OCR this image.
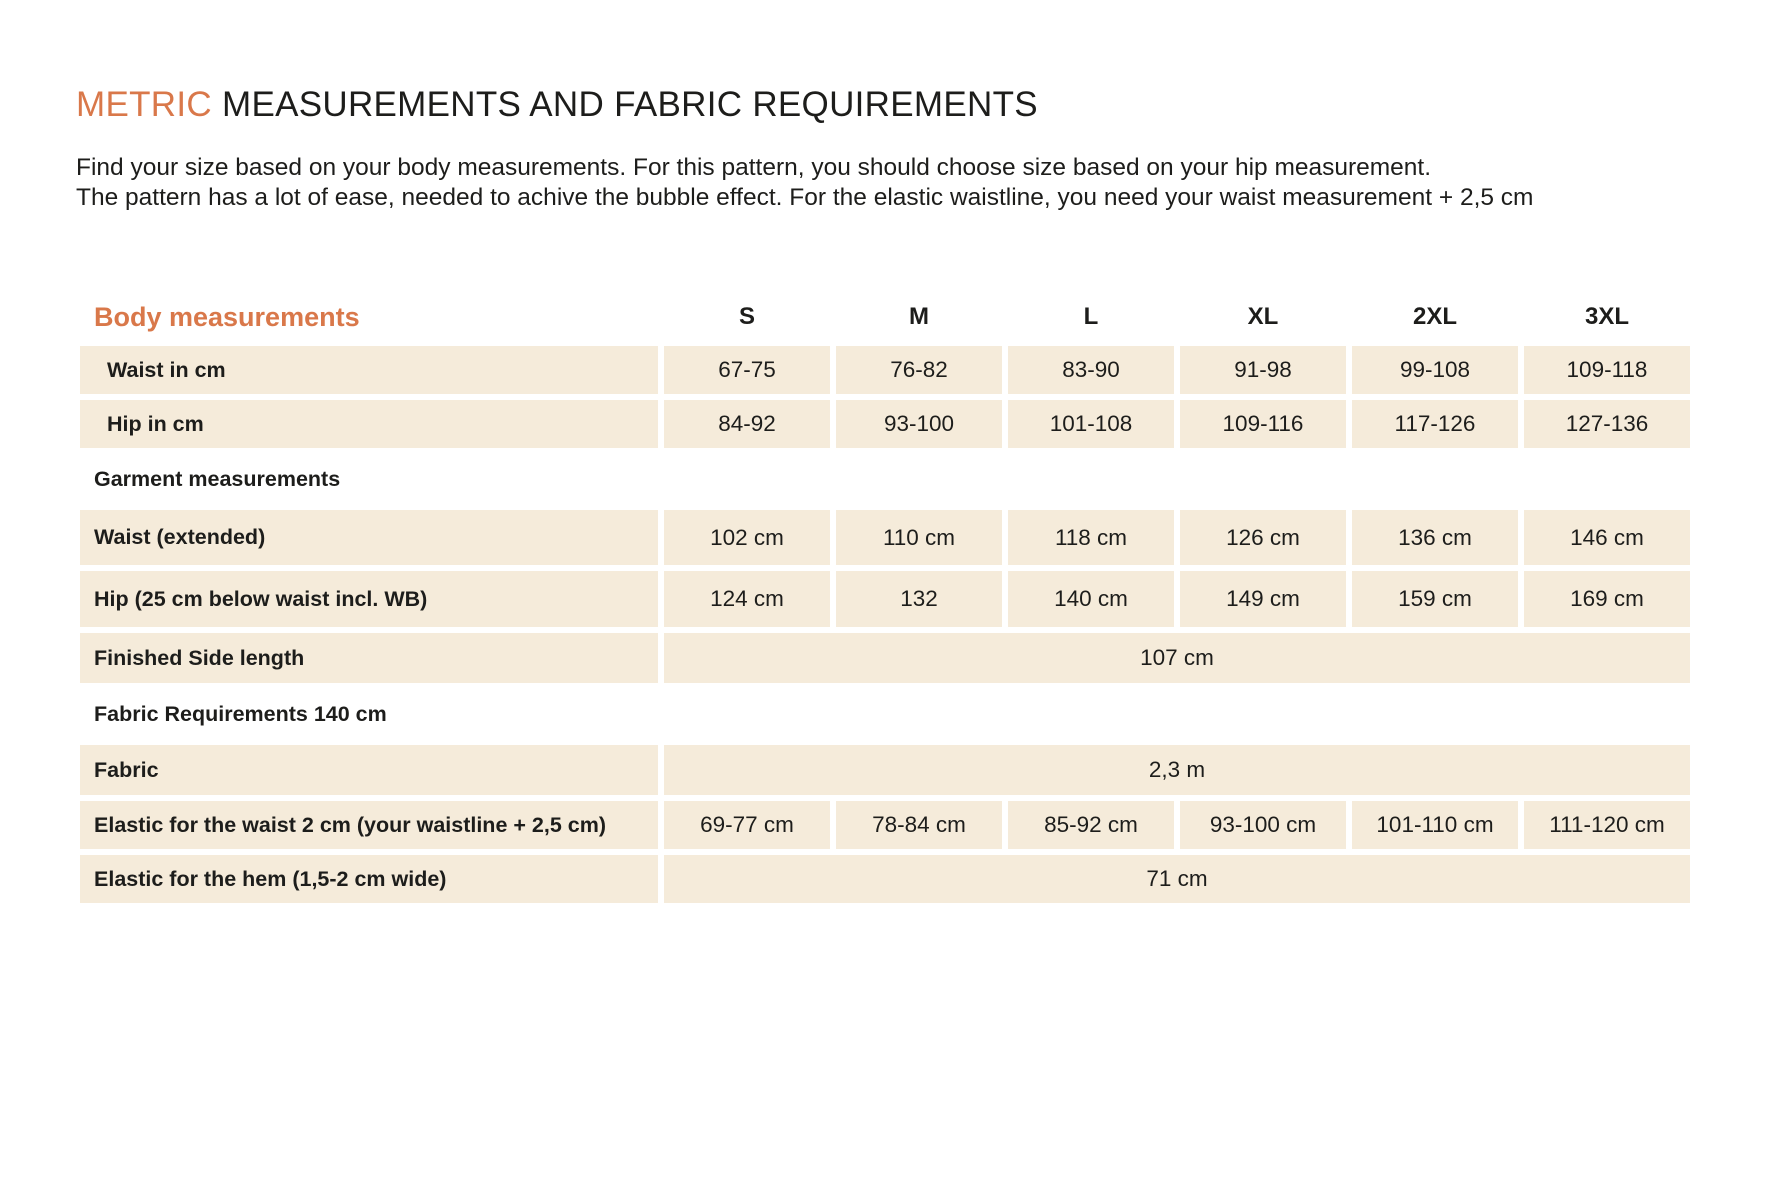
METRIC MEASUREMENTS AND FABRIC REQUIREMENTS

Find your size based on your body measurements. For this pattern, you should choose size based on your hip measurement.

The pattern has a lot of ease, needed to achive the bubble effect. For the elastic waistline, you need your waist measurement + 2,5 cm

Body measurements	S	M	L	XL	2XL	3XL
Waist in cm	67-75	76-82	83-90	91-98	99-108	109-118
Hip in cm	84-92	93-100	101-108	109-116	117-126	127-136
Garment measurements						
Waist (extended)	102 cm	110 cm	118 cm	126 cm	136 cm	146 cm
Hip (25 cm below waist incl. WB)	124 cm	132	140 cm	149 cm	159 cm	169 cm
Finished Side length	107 cm					
Fabric Requirements 140 cm						
Fabric	2,3 m					
Elastic for the waist 2 cm (your waistline + 2,5 cm)	69-77 cm	78-84 cm	85-92 cm	93-100 cm	101-110 cm	111-120 cm
Elastic for the hem (1,5-2 cm wide)	71 cm					
